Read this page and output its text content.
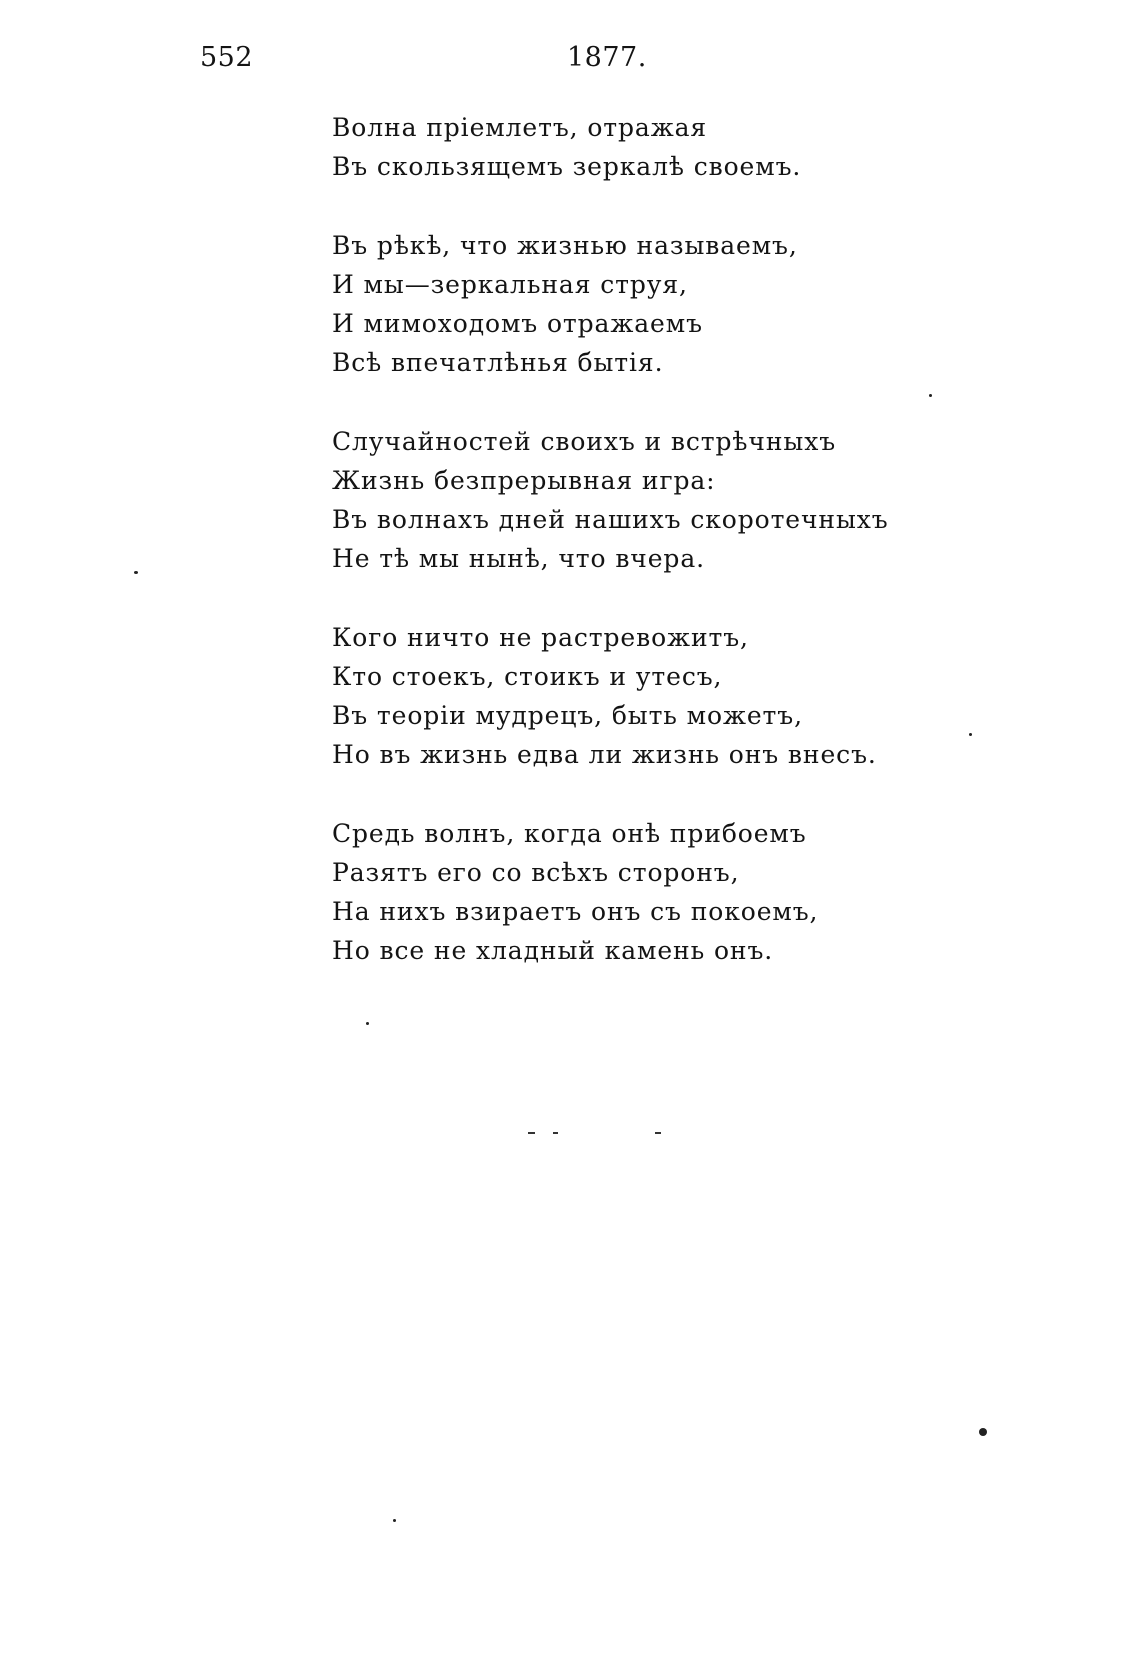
552	1877.
Волна пріемлетъ, отражая
Въ скользящемъ зеркалѣ своемъ.
Въ рѣкѣ, что жизнью называемъ,
И мы—зеркальная струя,
И мимоходомъ отражаемъ
Всѣ впечатлѣнья бытія.
Случайностей своихъ и встрѣчныхъ
Жизнь безпрерывная игра:
Въ волнахъ дней нашихъ скоротечныхъ
Не тѣ мы нынѣ, что вчера.
Кого ничто не растревожитъ,
Кто стоекъ, стоикъ и утесъ,
Въ теоріи мудрецъ, быть можетъ,
Но въ жизнь едва ли жизнь онъ внесъ.
Средь волнъ, когда онѣ прибоемъ
Разятъ его со всѣхъ сторонъ,
На нихъ взираетъ онъ съ покоемъ,
Но все не хладный камень онъ.
